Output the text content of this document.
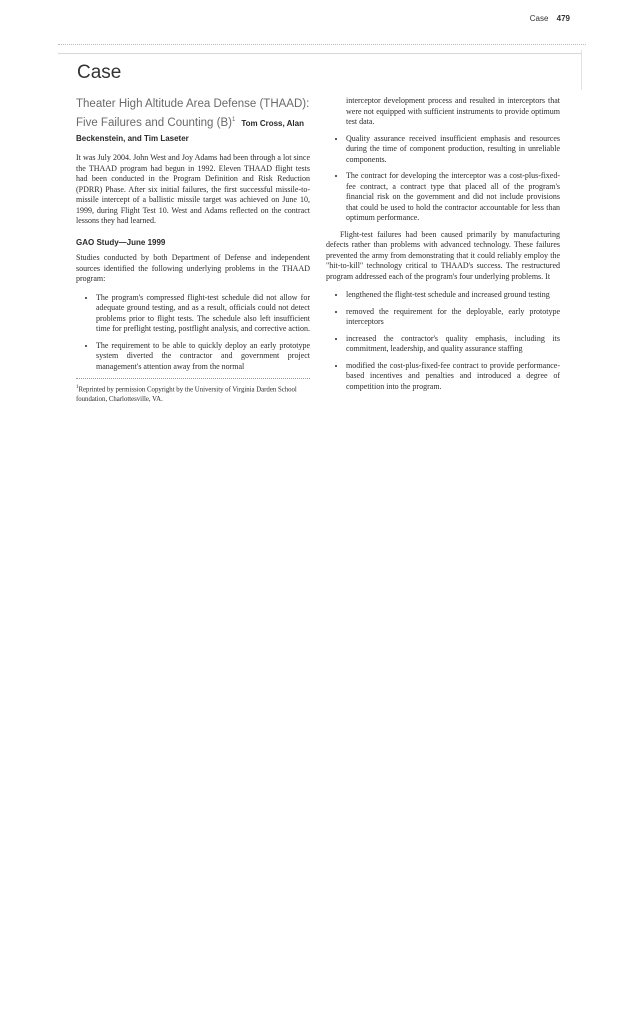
Case 479
Case
Theater High Altitude Area Defense (THAAD):
Five Failures and Counting $(B)^1$ Tom Cross, Alan
Beckenstein, and Tim Laseter

It was July 2004. John West and Joy Adams had been through a lot since the THAAD program had begun in 1992. Eleven THAAD flight tests had been conducted in the Program Definition and Risk Reduction (PDRR) Phase. After six initial failures, the first successful missile-to-missile intercept of a ballistic missile target was achieved on June 10, 1999, during Flight Test 10. West and Adams reflected on the contract lessons they had learned.

GAO Study—June 1999

Studies conducted by both Department of Defense and independent sources identified the following underlying problems in the THAAD program:

• The program's compressed flight-test schedule did not allow for adequate ground testing, and as a result, officials could not detect problems prior to flight tests. The schedule also left insufficient time for preflight testing, postflight analysis, and corrective action.
• The requirement to be able to quickly deploy an early prototype system diverted the contractor and government project management's attention away from the normal
$^1$Reprinted by permission Copyright by the University of Virginia Darden School foundation, Charlottesville, VA.

interceptor development process and resulted in interceptors that were not equipped with sufficient instruments to provide optimum test data.

• Quality assurance received insufficient emphasis and resources during the time of component production, resulting in unreliable components.
• The contract for developing the interceptor was a cost-plus-fixed-fee contract, a contract type that placed all of the program's financial risk on the government and did not include provisions that could be used to hold the contractor accountable for less than optimum performance.

Flight-test failures had been caused primarily by manufacturing defects rather than problems with advanced technology. These failures prevented the army from demonstrating that it could reliably employ the "hit-to-kill" technology critical to THAAD's success. The restructured program addressed each of the program's four underlying problems. It

• lengthened the flight-test schedule and increased ground testing
• removed the requirement for the deployable, early prototype interceptors
• increased the contractor's quality emphasis, including its commitment, leadership, and quality assurance staffing
• modified the cost-plus-fixed-fee contract to provide performance-based incentives and penalties and introduced a degree of competition into the program.
